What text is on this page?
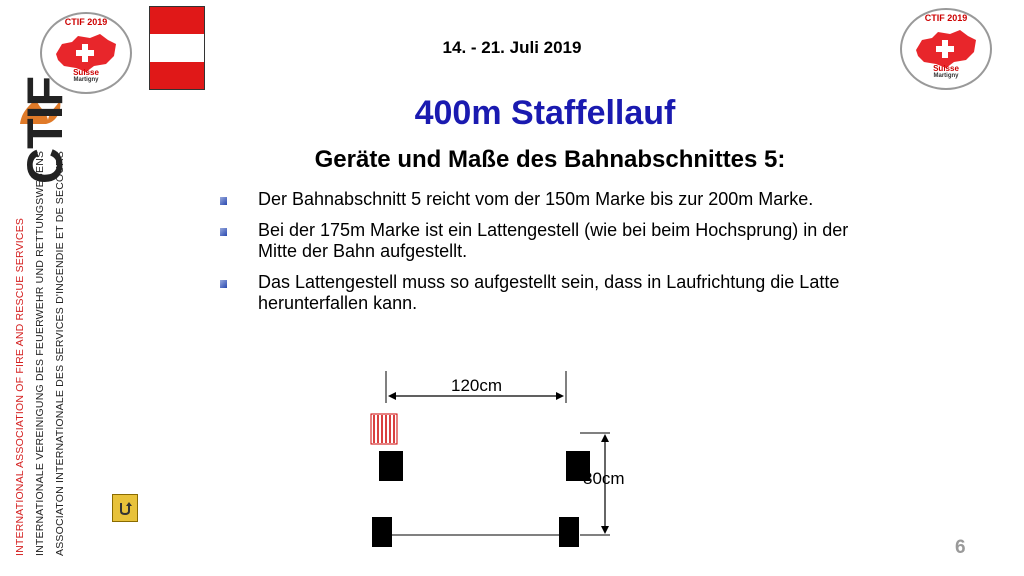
CTIF 2019
Suisse
Martigny
CTIF 2019
Suisse
Martigny
14. - 21. Juli 2019
400m Staffellauf
Geräte und Maße des Bahnabschnittes 5:
Der Bahnabschnitt 5 reicht vom der 150m Marke bis zur 200m Marke.
Bei der 175m Marke ist ein Lattengestell (wie bei beim Hochsprung) in der Mitte der Bahn aufgestellt.
Das Lattengestell muss so aufgestellt sein, dass in Laufrichtung die Latte herunterfallen kann.
CTIF
INTERNATIONAL ASSOCIATION OF FIRE AND RESCUE SERVICES INTERNATIONALE VEREINIGUNG DES FEUERWEHR UND RETTUNGSWESENS ASSOCIATON INTERNATIONALE DES SERVICES D'INCENDIE ET DE SECOURS	120cm
80cm
6
